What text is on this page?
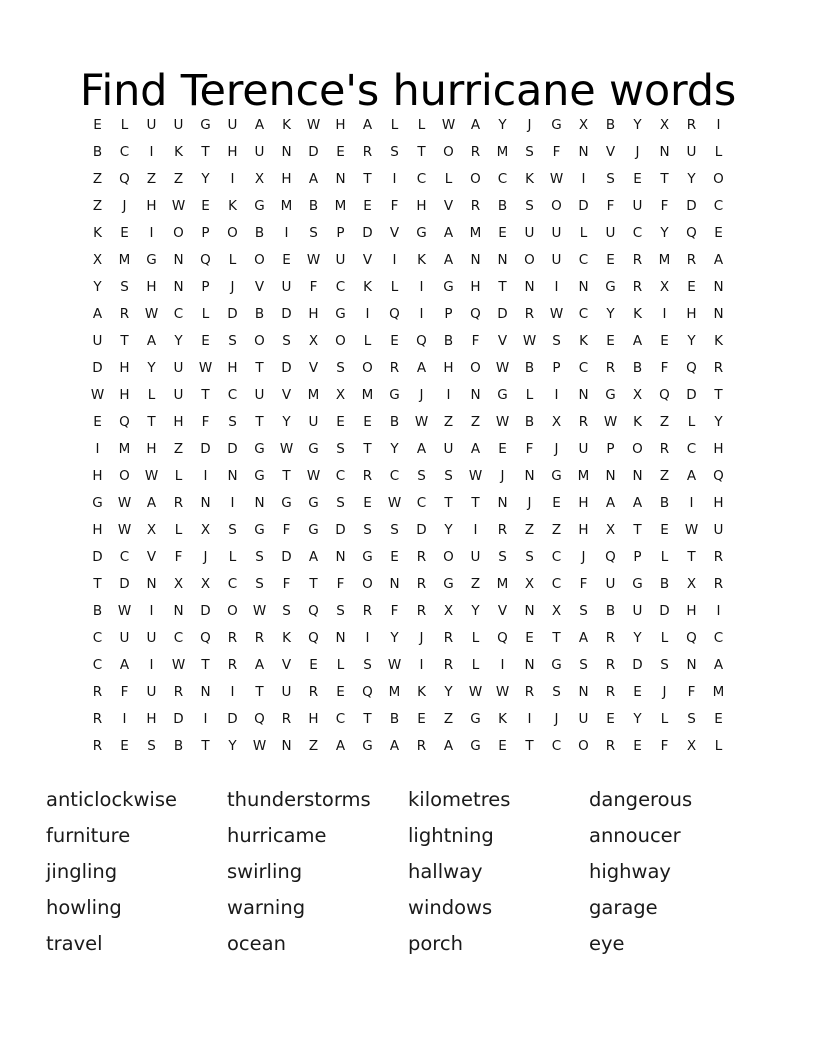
Find Terence's hurricane words
E	L	U	U	G	U	A	K	W	H	A	L	L	W	A	Y	J	G	X	B	Y	X	R	I
B	C	I	K	T	H	U	N	D	E	R	S	T	O	R	M	S	F	N	V	J	N	U	L
Z	Q	Z	Z	Y	I	X	H	A	N	T	I	C	L	O	C	K	W	I	S	E	T	Y	O
Z	J	H	W	E	K	G	M	B	M	E	F	H	V	R	B	S	O	D	F	U	F	D	C
K	E	I	O	P	O	B	I	S	P	D	V	G	A	M	E	U	U	L	U	C	Y	Q	E
X	M	G	N	Q	L	O	E	W	U	V	I	K	A	N	N	O	U	C	E	R	M	R	A
Y	S	H	N	P	J	V	U	F	C	K	L	I	G	H	T	N	I	N	G	R	X	E	N
A	R	W	C	L	D	B	D	H	G	I	Q	I	P	Q	D	R	W	C	Y	K	I	H	N
U	T	A	Y	E	S	O	S	X	O	L	E	Q	B	F	V	W	S	K	E	A	E	Y	K
D	H	Y	U	W	H	T	D	V	S	O	R	A	H	O	W	B	P	C	R	B	F	Q	R
W	H	L	U	T	C	U	V	M	X	M	G	J	I	N	G	L	I	N	G	X	Q	D	T
E	Q	T	H	F	S	T	Y	U	E	E	B	W	Z	Z	W	B	X	R	W	K	Z	L	Y
I	M	H	Z	D	D	G	W	G	S	T	Y	A	U	A	E	F	J	U	P	O	R	C	H
H	O	W	L	I	N	G	T	W	C	R	C	S	S	W	J	N	G	M	N	N	Z	A	Q
G	W	A	R	N	I	N	G	G	S	E	W	C	T	T	N	J	E	H	A	A	B	I	H
H	W	X	L	X	S	G	F	G	D	S	S	D	Y	I	R	Z	Z	H	X	T	E	W	U
D	C	V	F	J	L	S	D	A	N	G	E	R	O	U	S	S	C	J	Q	P	L	T	R
T	D	N	X	X	C	S	F	T	F	O	N	R	G	Z	M	X	C	F	U	G	B	X	R
B	W	I	N	D	O	W	S	Q	S	R	F	R	X	Y	V	N	X	S	B	U	D	H	I
C	U	U	C	Q	R	R	K	Q	N	I	Y	J	R	L	Q	E	T	A	R	Y	L	Q	C
C	A	I	W	T	R	A	V	E	L	S	W	I	R	L	I	N	G	S	R	D	S	N	A
R	F	U	R	N	I	T	U	R	E	Q	M	K	Y	W	W	R	S	N	R	E	J	F	M
R	I	H	D	I	D	Q	R	H	C	T	B	E	Z	G	K	I	J	U	E	Y	L	S	E
R	E	S	B	T	Y	W	N	Z	A	G	A	R	A	G	E	T	C	O	R	E	F	X	L
anticlockwise
furniture
jingling
howling
travel
thunderstorms
hurricame
swirling
warning
ocean
kilometres
lightning
hallway
windows
porch
dangerous
annoucer
highway
garage
eye
